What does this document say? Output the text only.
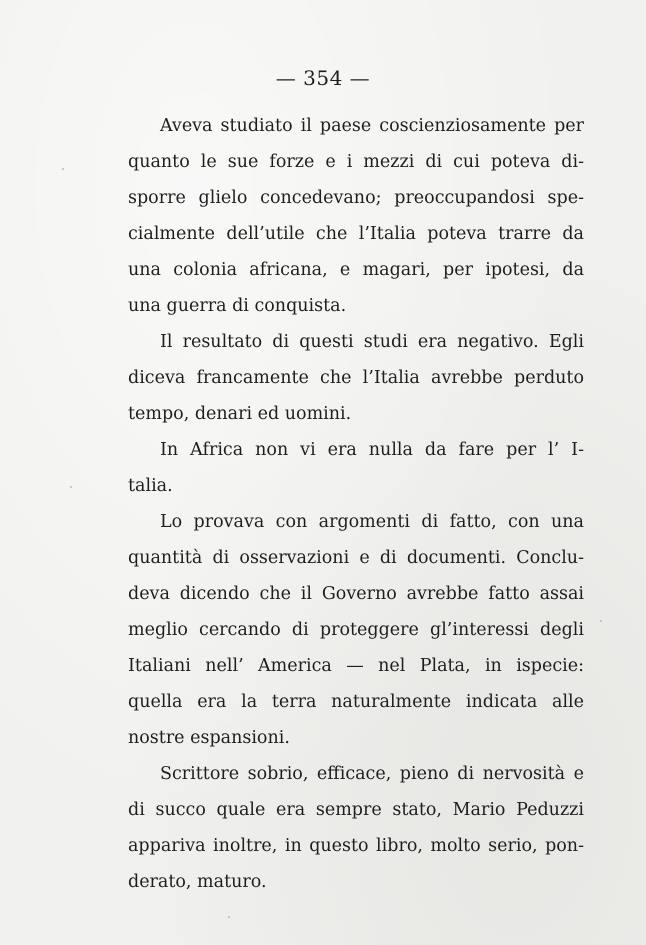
— 354 —
Aveva studiato il paese coscienziosamente per
quanto le sue forze e i mezzi di cui poteva di-
sporre glielo concedevano; preoccupandosi spe-
cialmente dell’utile che l’Italia poteva trarre da
una colonia africana, e magari, per ipotesi, da
una guerra di conquista.
Il resultato di questi studi era negativo. Egli
diceva francamente che l’Italia avrebbe perduto
tempo, denari ed uomini.
In Africa non vi era nulla da fare per l’ I-
talia.
Lo provava con argomenti di fatto, con una
quantità di osservazioni e di documenti. Conclu-
deva dicendo che il Governo avrebbe fatto assai
meglio cercando di proteggere gl’interessi degli
Italiani nell’ America — nel Plata, in ispecie:
quella era la terra naturalmente indicata alle
nostre espansioni.
Scrittore sobrio, efficace, pieno di nervosità e
di succo quale era sempre stato, Mario Peduzzi
appariva inoltre, in questo libro, molto serio, pon-
derato, maturo.
